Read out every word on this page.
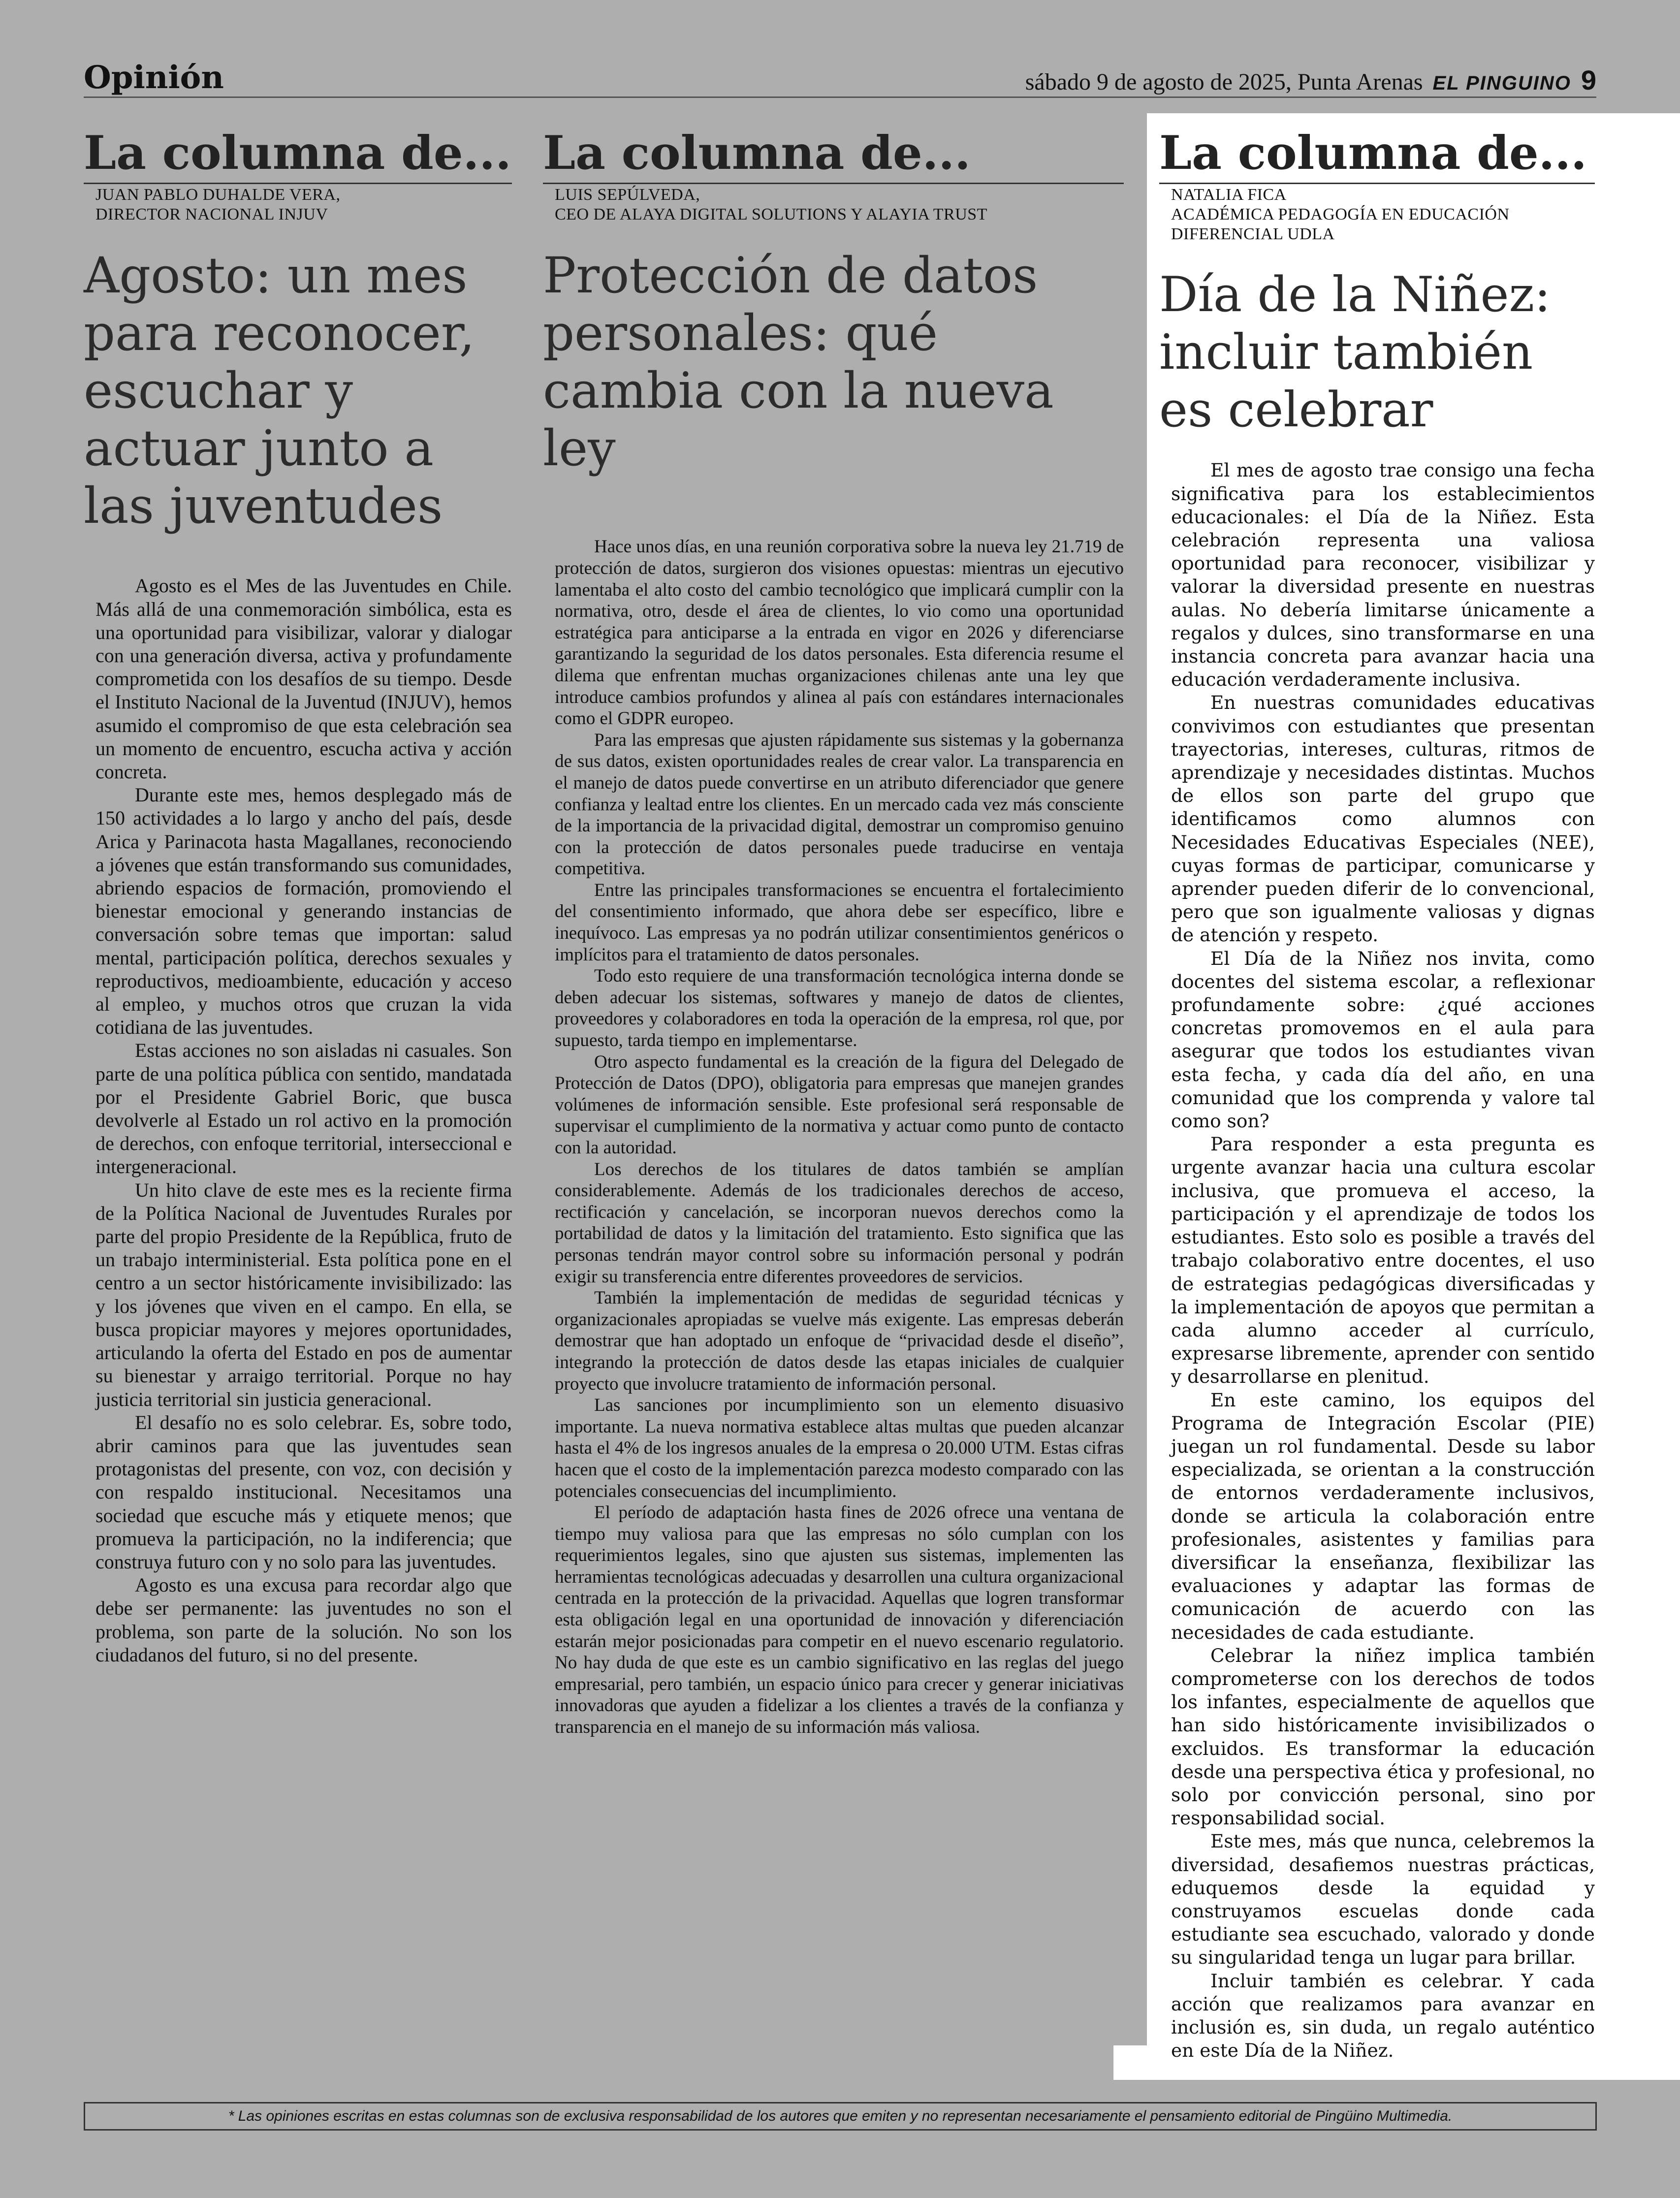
Opinión	sábado 9 de agosto de 2025, Punta Arenas EL PINGUINO 9
La columna de...
JUAN PABLO DUHALDE VERA,
DIRECTOR NACIONAL INJUV
Agosto: un mes para reconocer, escuchar y actuar junto a las juventudes

Agosto es el Mes de las Juventudes en Chile. Más allá de una conmemoración simbólica, esta es una oportunidad para visibilizar, valorar y dialogar con una generación diversa, activa y profundamente comprometida con los desafíos de su tiempo. Desde el Instituto Nacional de la Juventud (INJUV), hemos asumido el compromiso de que esta celebración sea un momento de encuentro, escucha activa y acción concreta.

Durante este mes, hemos desplegado más de 150 actividades a lo largo y ancho del país, desde Arica y Parinacota hasta Magallanes, reconociendo a jóvenes que están transformando sus comunidades, abriendo espacios de formación, promoviendo el bienestar emocional y generando instancias de conversación sobre temas que importan: salud mental, participación política, derechos sexuales y reproductivos, medioambiente, educación y acceso al empleo, y muchos otros que cruzan la vida cotidiana de las juventudes.

Estas acciones no son aisladas ni casuales. Son parte de una política pública con sentido, mandatada por el Presidente Gabriel Boric, que busca devolverle al Estado un rol activo en la promoción de derechos, con enfoque territorial, interseccional e intergeneracional.

Un hito clave de este mes es la reciente firma de la Política Nacional de Juventudes Rurales por parte del propio Presidente de la República, fruto de un trabajo interministerial. Esta política pone en el centro a un sector históricamente invisibilizado: las y los jóvenes que viven en el campo. En ella, se busca propiciar mayores y mejores oportunidades, articulando la oferta del Estado en pos de aumentar su bienestar y arraigo territorial. Porque no hay justicia territorial sin justicia generacional.

El desafío no es solo celebrar. Es, sobre todo, abrir caminos para que las juventudes sean protagonistas del presente, con voz, con decisión y con respaldo institucional. Necesitamos una sociedad que escuche más y etiquete menos; que promueva la participación, no la indiferencia; que construya futuro con y no solo para las juventudes.

Agosto es una excusa para recordar algo que debe ser permanente: las juventudes no son el problema, son parte de la solución. No son los ciudadanos del futuro, si no del presente.

La columna de...
LUIS SEPÚLVEDA,
CEO DE ALAYA DIGITAL SOLUTIONS Y ALAYIA TRUST
Protección de datos personales: qué cambia con la nueva ley

Hace unos días, en una reunión corporativa sobre la nueva ley 21.719 de protección de datos, surgieron dos visiones opuestas: mientras un ejecutivo lamentaba el alto costo del cambio tecnológico que implicará cumplir con la normativa, otro, desde el área de clientes, lo vio como una oportunidad estratégica para anticiparse a la entrada en vigor en 2026 y diferenciarse garantizando la seguridad de los datos personales. Esta diferencia resume el dilema que enfrentan muchas organizaciones chilenas ante una ley que introduce cambios profundos y alinea al país con estándares internacionales como el GDPR europeo.

Para las empresas que ajusten rápidamente sus sistemas y la gobernanza de sus datos, existen oportunidades reales de crear valor. La transparencia en el manejo de datos puede convertirse en un atributo diferenciador que genere confianza y lealtad entre los clientes. En un mercado cada vez más consciente de la importancia de la privacidad digital, demostrar un compromiso genuino con la protección de datos personales puede traducirse en ventaja competitiva.

Entre las principales transformaciones se encuentra el fortalecimiento del consentimiento informado, que ahora debe ser específico, libre e inequívoco. Las empresas ya no podrán utilizar consentimientos genéricos o implícitos para el tratamiento de datos personales.

Todo esto requiere de una transformación tecnológica interna donde se deben adecuar los sistemas, softwares y manejo de datos de clientes, proveedores y colaboradores en toda la operación de la empresa, rol que, por supuesto, tarda tiempo en implementarse.

Otro aspecto fundamental es la creación de la figura del Delegado de Protección de Datos (DPO), obligatoria para empresas que manejen grandes volúmenes de información sensible. Este profesional será responsable de supervisar el cumplimiento de la normativa y actuar como punto de contacto con la autoridad.

Los derechos de los titulares de datos también se amplían considerablemente. Además de los tradicionales derechos de acceso, rectificación y cancelación, se incorporan nuevos derechos como la portabilidad de datos y la limitación del tratamiento. Esto significa que las personas tendrán mayor control sobre su información personal y podrán exigir su transferencia entre diferentes proveedores de servicios.

También la implementación de medidas de seguridad técnicas y organizacionales apropiadas se vuelve más exigente. Las empresas deberán demostrar que han adoptado un enfoque de “privacidad desde el diseño”, integrando la protección de datos desde las etapas iniciales de cualquier proyecto que involucre tratamiento de información personal.

Las sanciones por incumplimiento son un elemento disuasivo importante. La nueva normativa establece altas multas que pueden alcanzar hasta el 4% de los ingresos anuales de la empresa o 20.000 UTM. Estas cifras hacen que el costo de la implementación parezca modesto comparado con las potenciales consecuencias del incumplimiento.

El período de adaptación hasta fines de 2026 ofrece una ventana de tiempo muy valiosa para que las empresas no sólo cumplan con los requerimientos legales, sino que ajusten sus sistemas, implementen las herramientas tecnológicas adecuadas y desarrollen una cultura organizacional centrada en la protección de la privacidad. Aquellas que logren transformar esta obligación legal en una oportunidad de innovación y diferenciación estarán mejor posicionadas para competir en el nuevo escenario regulatorio. No hay duda de que este es un cambio significativo en las reglas del juego empresarial, pero también, un espacio único para crecer y generar iniciativas innovadoras que ayuden a fidelizar a los clientes a través de la confianza y transparencia en el manejo de su información más valiosa.

La columna de...
NATALIA FICA
ACADÉMICA PEDAGOGÍA EN EDUCACIÓN DIFERENCIAL UDLA
Día de la Niñez: incluir también es celebrar

El mes de agosto trae consigo una fecha significativa para los establecimientos educacionales: el Día de la Niñez. Esta celebración representa una valiosa oportunidad para reconocer, visibilizar y valorar la diversidad presente en nuestras aulas. No debería limitarse únicamente a regalos y dulces, sino transformarse en una instancia concreta para avanzar hacia una educación verdaderamente inclusiva.

En nuestras comunidades educativas convivimos con estudiantes que presentan trayectorias, intereses, culturas, ritmos de aprendizaje y necesidades distintas. Muchos de ellos son parte del grupo que identificamos como alumnos con Necesidades Educativas Especiales (NEE), cuyas formas de participar, comunicarse y aprender pueden diferir de lo convencional, pero que son igualmente valiosas y dignas de atención y respeto.

El Día de la Niñez nos invita, como docentes del sistema escolar, a reflexionar profundamente sobre: ¿qué acciones concretas promovemos en el aula para asegurar que todos los estudiantes vivan esta fecha, y cada día del año, en una comunidad que los comprenda y valore tal como son?

Para responder a esta pregunta es urgente avanzar hacia una cultura escolar inclusiva, que promueva el acceso, la participación y el aprendizaje de todos los estudiantes. Esto solo es posible a través del trabajo colaborativo entre docentes, el uso de estrategias pedagógicas diversificadas y la implementación de apoyos que permitan a cada alumno acceder al currículo, expresarse libremente, aprender con sentido y desarrollarse en plenitud.

En este camino, los equipos del Programa de Integración Escolar (PIE) juegan un rol fundamental. Desde su labor especializada, se orientan a la construcción de entornos verdaderamente inclusivos, donde se articula la colaboración entre profesionales, asistentes y familias para diversificar la enseñanza, flexibilizar las evaluaciones y adaptar las formas de comunicación de acuerdo con las necesidades de cada estudiante.

Celebrar la niñez implica también comprometerse con los derechos de todos los infantes, especialmente de aquellos que han sido históricamente invisibilizados o excluidos. Es transformar la educación desde una perspectiva ética y profesional, no solo por convicción personal, sino por responsabilidad social.

Este mes, más que nunca, celebremos la diversidad, desafiemos nuestras prácticas, eduquemos desde la equidad y construyamos escuelas donde cada estudiante sea escuchado, valorado y donde su singularidad tenga un lugar para brillar.

Incluir también es celebrar. Y cada acción que realizamos para avanzar en inclusión es, sin duda, un regalo auténtico en este Día de la Niñez.

* Las opiniones escritas en estas columnas son de exclusiva responsabilidad de los autores que emiten y no representan necesariamente el pensamiento editorial de Pingüino Multimedia.
